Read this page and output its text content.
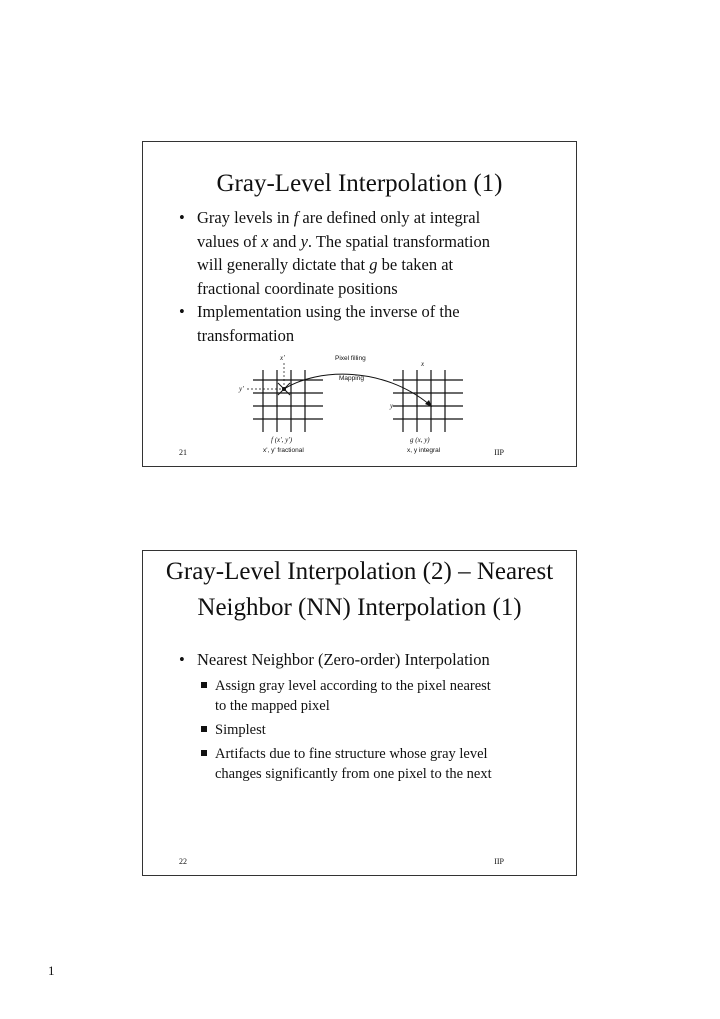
Gray-Level Interpolation (1)
• Gray levels in f are defined only at integral
values of x and y. The spatial transformation
will generally dictate that g be taken at
fractional coordinate positions
• Implementation using the inverse of the
transformation
x'	Pixel filling
Mapping
x
y'
y
f (x', y')
x', y' fractional
g (x, y)
x, y integral
21	IIP
Gray-Level Interpolation (2) – Nearest
Neighbor (NN) Interpolation (1)
• Nearest Neighbor (Zero-order) Interpolation
Assign gray level according to the pixel nearest
to the mapped pixel
Simplest
Artifacts due to fine structure whose gray level
changes significantly from one pixel to the next
22	IIP
1
